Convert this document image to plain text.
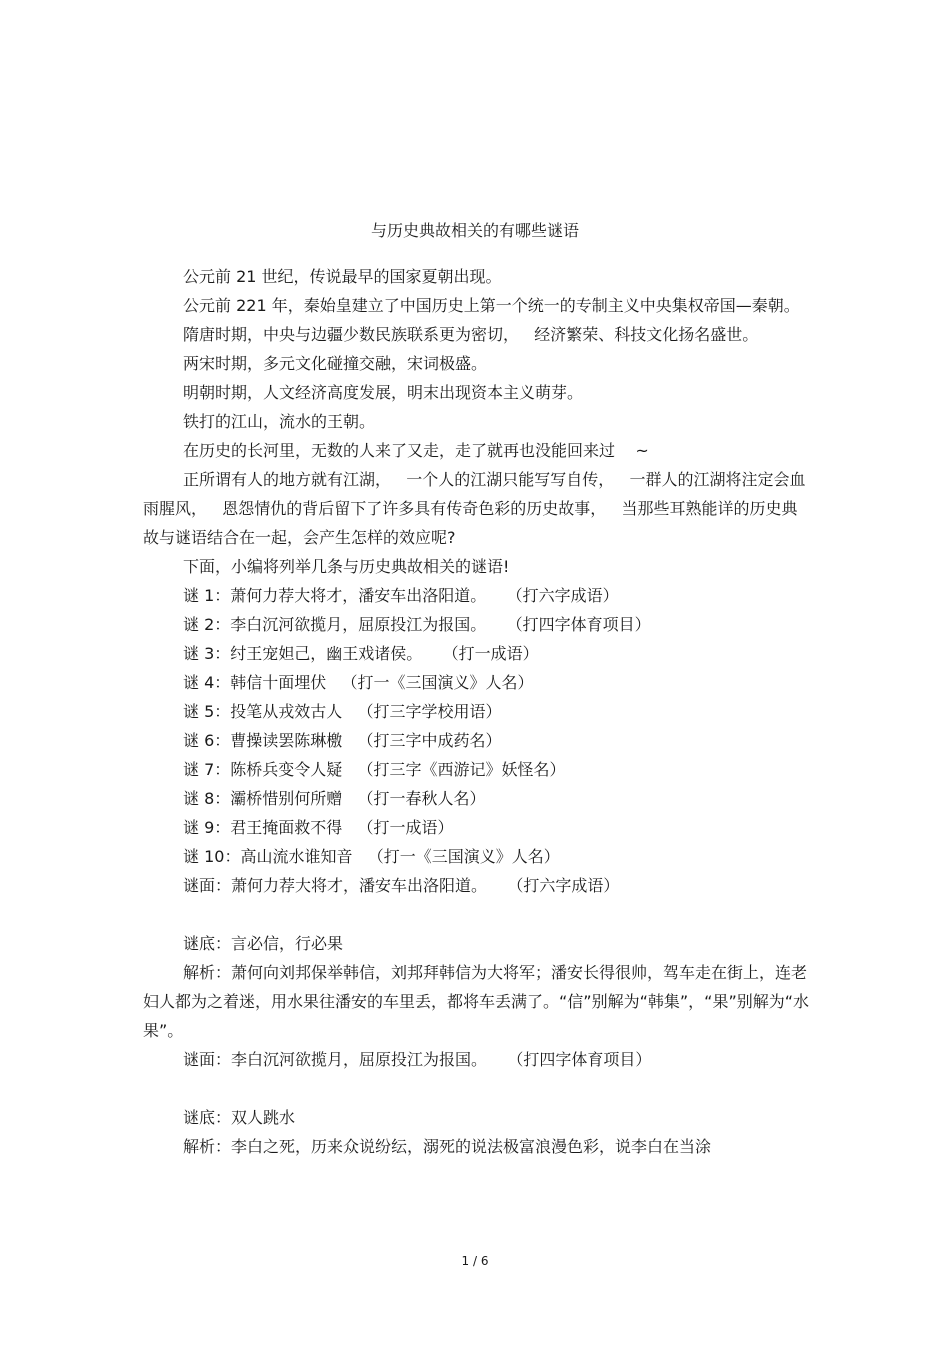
与历史典故相关的有哪些谜语

公元前 21 世纪，传说最早的国家夏朝出现。

公元前 221 年，秦始皇建立了中国历史上第一个统一的专制主义中央集权帝国—秦朝。

隋唐时期，中央与边疆少数民族联系更为密切，   经济繁荣、科技文化扬名盛世。

两宋时期，多元文化碰撞交融，宋词极盛。

明朝时期，人文经济高度发展，明末出现资本主义萌芽。

铁打的江山，流水的王朝。

在历史的长河里，无数的人来了又走，走了就再也没能回来过    ~

正所谓有人的地方就有江湖，   一个人的江湖只能写写自传，   一群人的江湖将注定会血雨腥风，   恩怨情仇的背后留下了许多具有传奇色彩的历史故事，   当那些耳熟能详的历史典故与谜语结合在一起，会产生怎样的效应呢?

下面，小编将列举几条与历史典故相关的谜语!

谜 1：萧何力荐大将才，潘安车出洛阳道。    （打六字成语）

谜 2：李白沉河欲揽月，屈原投江为报国。    （打四字体育项目）

谜 3：纣王宠妲己，幽王戏诸侯。    （打一成语）

谜 4：韩信十面埋伏   （打一《三国演义》人名）

谜 5：投笔从戎效古人   （打三字学校用语）

谜 6：曹操读罢陈琳檄   （打三字中成药名）

谜 7：陈桥兵变令人疑   （打三字《西游记》妖怪名）

谜 8：灞桥惜别何所赠   （打一春秋人名）

谜 9：君王掩面救不得   （打一成语）

谜 10：高山流水谁知音   （打一《三国演义》人名）

谜面：萧何力荐大将才，潘安车出洛阳道。    （打六字成语）

谜底：言必信，行必果

解析：萧何向刘邦保举韩信，刘邦拜韩信为大将军；潘安长得很帅，驾车走在街上，连老妇人都为之着迷，用水果往潘安的车里丢，都将车丢满了。“信”别解为“韩集”，“果”别解为“水果”。

谜面：李白沉河欲揽月，屈原投江为报国。    （打四字体育项目）

谜底：双人跳水

解析：李白之死，历来众说纷纭，溺死的说法极富浪漫色彩，说李白在当涂

1 / 6
